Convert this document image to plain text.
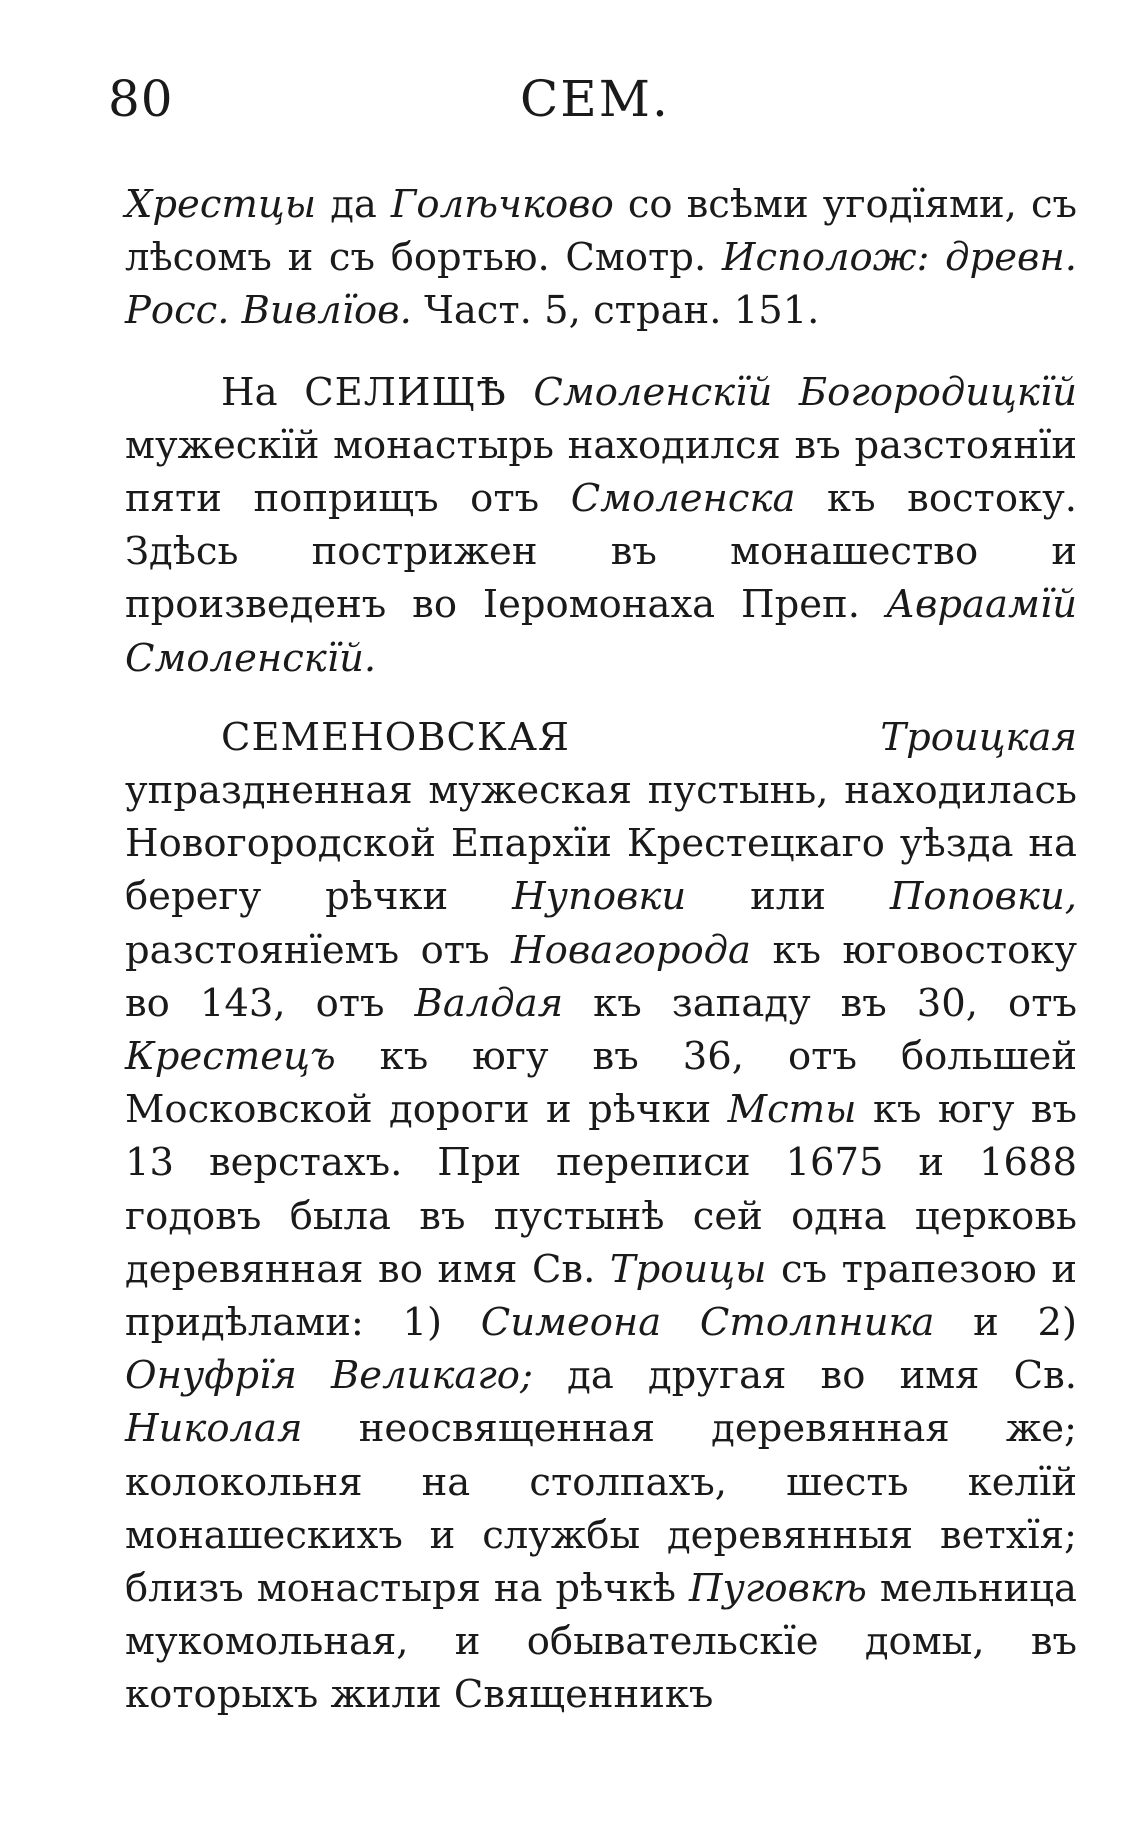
80	СЕМ.

Хрестцы да Голѣчково со всѣми угодїями, съ лѣсомъ и съ бортью. Смотр. Исполож: древн. Росс. Вивлїов. Част. 5, стран. 151.

На СЕЛИЩѢ Смоленскїй Богородицкїй мужескїй монастырь находился въ разстоянїи пяти поприщъ отъ Смоленска къ востоку. Здѣсь пострижен въ монашество и произведенъ во Iеромонаха Преп. Авраамїй Смоленскїй.

СЕМЕНОВСКАЯ Троицкая упраздненная мужеская пустынь, находилась Новогородской Епархїи Крестецкаго уѣзда на берегу рѣчки Нуповки или Поповки, разстоянїемъ отъ Новагорода къ юговостоку во 143, отъ Валдая къ западу въ 30, отъ Крестецъ къ югу въ 36, отъ большей Московской дороги и рѣчки Мсты къ югу въ 13 верстахъ. При переписи 1675 и 1688 годовъ была въ пустынѣ сей одна церковь деревянная во имя Св. Троицы съ трапезою и придѣлами: 1) Симеона Столпника и 2) Онуфрїя Великаго; да другая во имя Св. Николая неосвященная деревянная же; колокольня на столпахъ, шесть келїй монашескихъ и службы деревянныя ветхїя; близъ монастыря на рѣчкѣ Пуговкѣ мельница мукомольная, и обывательскїе домы, въ которыхъ жили Священникъ
